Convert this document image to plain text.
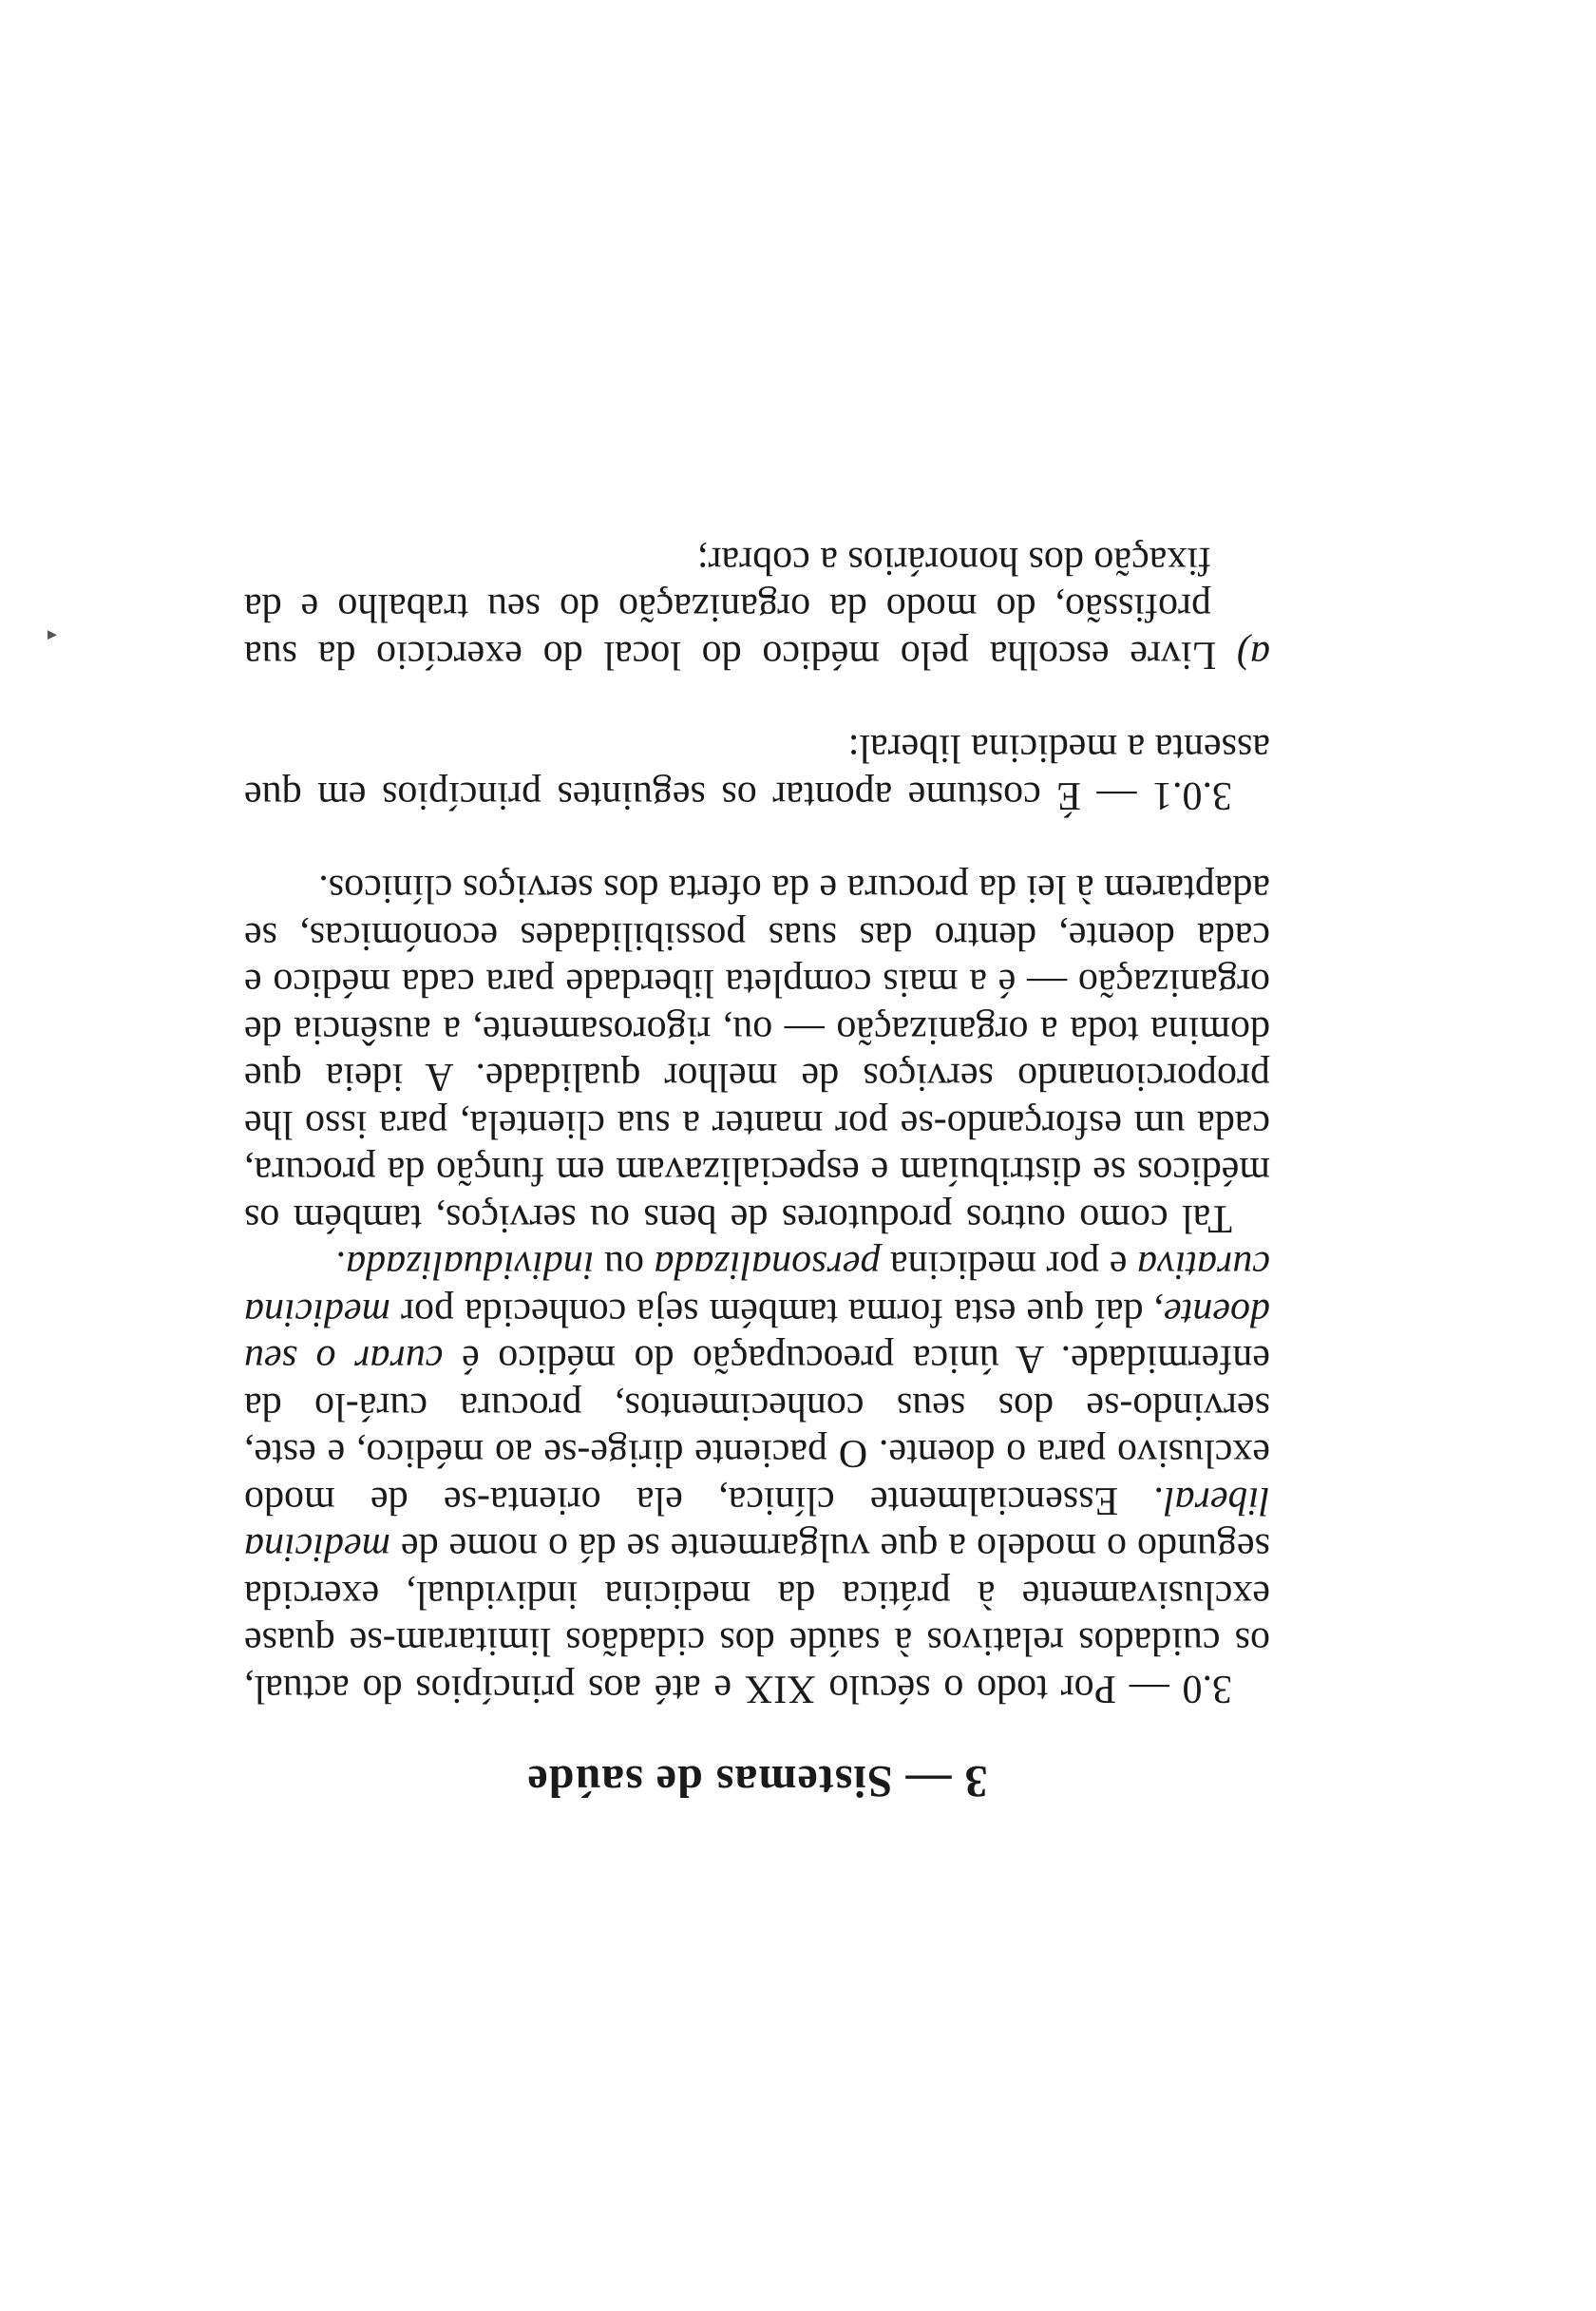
3 — Sistemas de saúde

3.0 — Por todo o século XIX e até aos princípios do actual, os cuidados relativos à saúde dos cidadãos limitaram-se quase exclusivamente à prática da medicina individual, exercida segundo o modelo a que vulgarmente se dá o nome de medicina liberal. Essencialmente clínica, ela orienta-se de modo exclusivo para o doente. O paciente dirige-se ao médico, e este, servindo-se dos seus conhecimentos, procura curá-lo da enfermidade. A única preocupação do médico é curar o seu doente, daí que esta forma também seja conhecida por medicina curativa e por medicina personalizada ou individualizada.

Tal como outros produtores de bens ou serviços, também os médicos se distribuíam e especializavam em função da procura, cada um esforçando-se por manter a sua clientela, para isso lhe proporcionando serviços de melhor qualidade. A ideia que domina toda a organização — ou, rigorosamente, a ausência de organização — é a mais completa liberdade para cada médico e cada doente, dentro das suas possibilidades económicas, se adaptarem à lei da procura e da oferta dos serviços clínicos.

3.0.1 — É costume apontar os seguintes princípios em que assenta a medicina liberal:

a) Livre escolha pelo médico do local do exercício da sua profissão, do modo da organização do seu trabalho e da fixação dos honorários a cobrar;

◂
